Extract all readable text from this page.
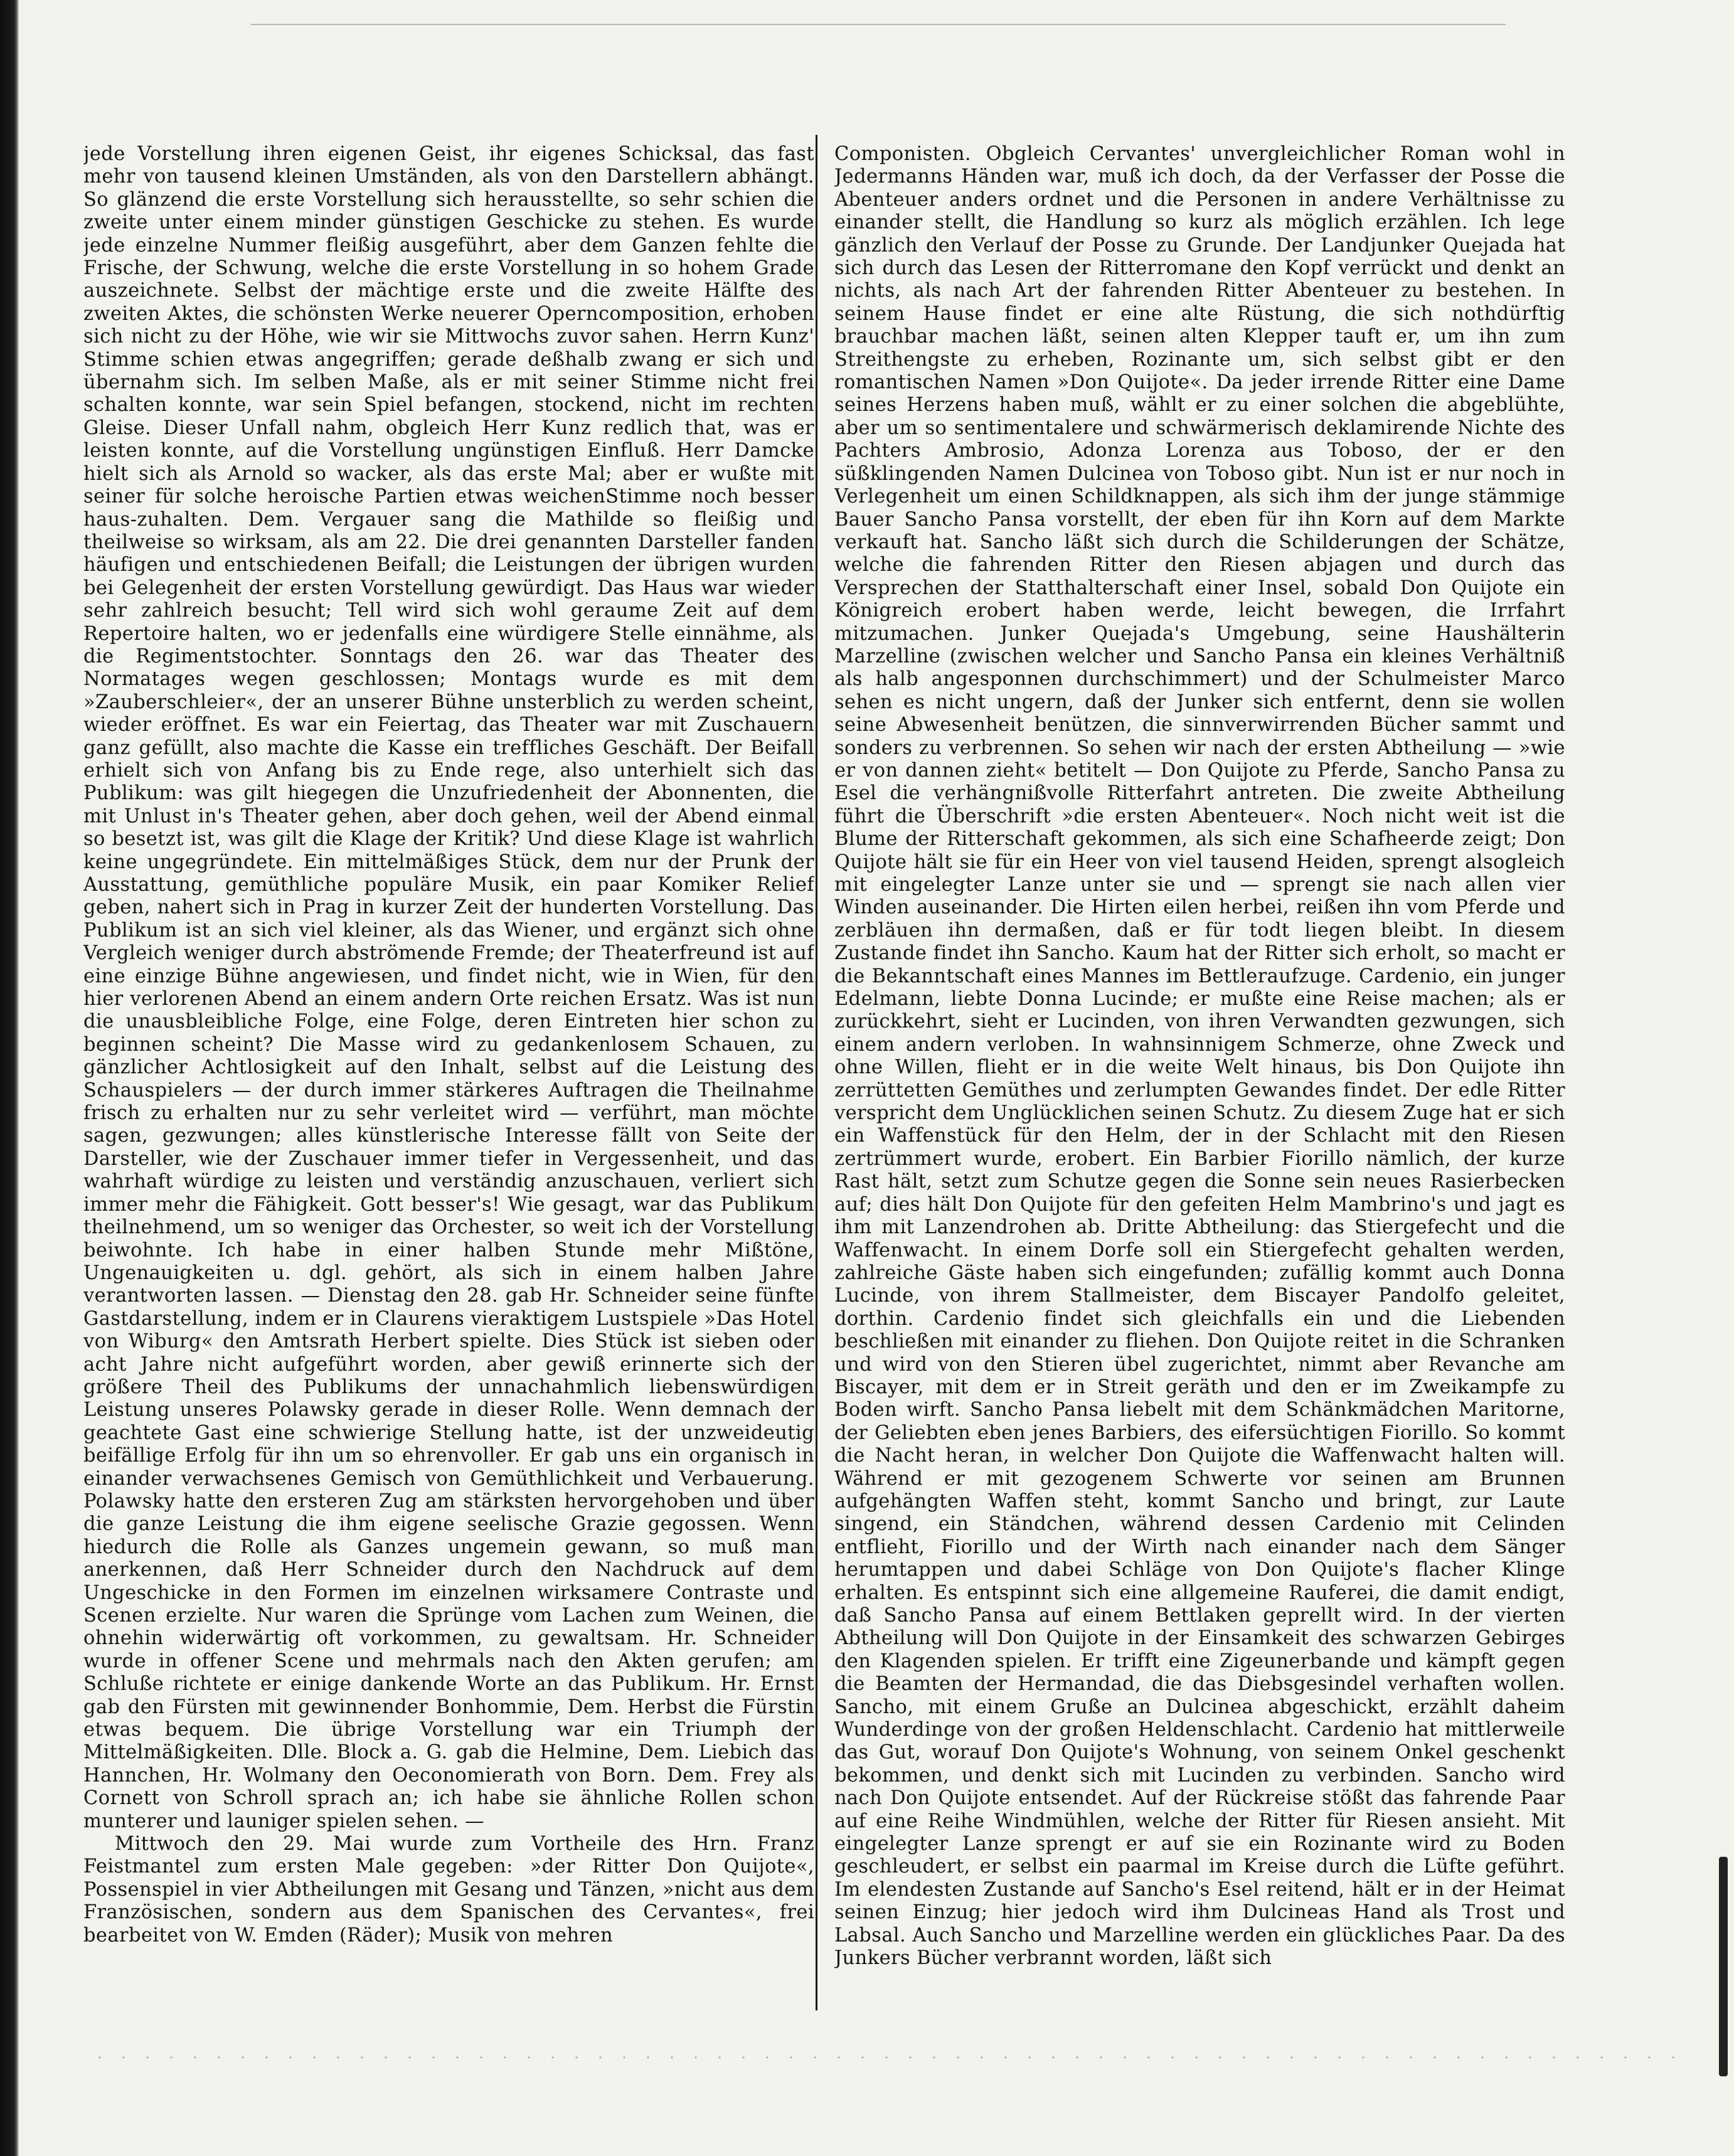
jede Vorstellung ihren eigenen Geist, ihr eigenes Schicksal, das fast mehr von tausend kleinen Umständen, als von den Darstellern abhängt. So glänzend die erste Vorstellung sich herausstellte, so sehr schien die zweite unter einem minder günstigen Geschicke zu stehen. Es wurde jede einzelne Nummer fleißig ausgeführt, aber dem Ganzen fehlte die Frische, der Schwung, welche die erste Vorstellung in so hohem Grade auszeichnete. Selbst der mächtige erste und die zweite Hälfte des zweiten Aktes, die schönsten Werke neuerer Operncomposition, erhoben sich nicht zu der Höhe, wie wir sie Mittwochs zuvor sahen. Herrn Kunz' Stimme schien etwas angegriffen; gerade deßhalb zwang er sich und übernahm sich. Im selben Maße, als er mit seiner Stimme nicht frei schalten konnte, war sein Spiel befangen, stockend, nicht im rechten Gleise. Dieser Unfall nahm, obgleich Herr Kunz redlich that, was er leisten konnte, auf die Vorstellung ungünstigen Einfluß. Herr Damcke hielt sich als Arnold so wacker, als das erste Mal; aber er wußte mit seiner für solche heroische Partien etwas weichenStimme noch besser haus-zuhalten. Dem. Vergauer sang die Mathilde so fleißig und theilweise so wirksam, als am 22. Die drei genannten Darsteller fanden häufigen und entschiedenen Beifall; die Leistungen der übrigen wurden bei Gelegenheit der ersten Vorstellung gewürdigt. Das Haus war wieder sehr zahlreich besucht; Tell wird sich wohl geraume Zeit auf dem Repertoire halten, wo er jedenfalls eine würdigere Stelle einnähme, als die Regimentstochter. Sonntags den 26. war das Theater des Normatages wegen geschlossen; Montags wurde es mit dem »Zauberschleier«, der an unserer Bühne unsterblich zu werden scheint, wieder eröffnet. Es war ein Feiertag, das Theater war mit Zuschauern ganz gefüllt, also machte die Kasse ein treffliches Geschäft. Der Beifall erhielt sich von Anfang bis zu Ende rege, also unterhielt sich das Publikum: was gilt hiegegen die Unzufriedenheit der Abonnenten, die mit Unlust in's Theater gehen, aber doch gehen, weil der Abend einmal so besetzt ist, was gilt die Klage der Kritik? Und diese Klage ist wahrlich keine ungegründete. Ein mittelmäßiges Stück, dem nur der Prunk der Ausstattung, gemüthliche populäre Musik, ein paar Komiker Relief geben, nahert sich in Prag in kurzer Zeit der hunderten Vorstellung. Das Publikum ist an sich viel kleiner, als das Wiener, und ergänzt sich ohne Vergleich weniger durch abströmende Fremde; der Theaterfreund ist auf eine einzige Bühne angewiesen, und findet nicht, wie in Wien, für den hier verlorenen Abend an einem andern Orte reichen Ersatz. Was ist nun die unausbleibliche Folge, eine Folge, deren Eintreten hier schon zu beginnen scheint? Die Masse wird zu gedankenlosem Schauen, zu gänzlicher Achtlosigkeit auf den Inhalt, selbst auf die Leistung des Schauspielers — der durch immer stärkeres Auftragen die Theilnahme frisch zu erhalten nur zu sehr verleitet wird — verführt, man möchte sagen, gezwungen; alles künstlerische Interesse fällt von Seite der Darsteller, wie der Zuschauer immer tiefer in Vergessenheit, und das wahrhaft würdige zu leisten und verständig anzuschauen, verliert sich immer mehr die Fähigkeit. Gott besser's! Wie gesagt, war das Publikum theilnehmend, um so weniger das Orchester, so weit ich der Vorstellung beiwohnte. Ich habe in einer halben Stunde mehr Mißtöne, Ungenauigkeiten u. dgl. gehört, als sich in einem halben Jahre verantworten lassen. — Dienstag den 28. gab Hr. Schneider seine fünfte Gastdarstellung, indem er in Claurens vieraktigem Lustspiele »Das Hotel von Wiburg« den Amtsrath Herbert spielte. Dies Stück ist sieben oder acht Jahre nicht aufgeführt worden, aber gewiß erinnerte sich der größere Theil des Publikums der unnachahmlich liebenswürdigen Leistung unseres Polawsky gerade in dieser Rolle. Wenn demnach der geachtete Gast eine schwierige Stellung hatte, ist der unzweideutig beifällige Erfolg für ihn um so ehrenvoller. Er gab uns ein organisch in einander verwachsenes Gemisch von Gemüthlichkeit und Verbauerung. Polawsky hatte den ersteren Zug am stärksten hervorgehoben und über die ganze Leistung die ihm eigene seelische Grazie gegossen. Wenn hiedurch die Rolle als Ganzes ungemein gewann, so muß man anerkennen, daß Herr Schneider durch den Nachdruck auf dem Ungeschicke in den Formen im einzelnen wirksamere Contraste und Scenen erzielte. Nur waren die Sprünge vom Lachen zum Weinen, die ohnehin widerwärtig oft vorkommen, zu gewaltsam. Hr. Schneider wurde in offener Scene und mehrmals nach den Akten gerufen; am Schluße richtete er einige dankende Worte an das Publikum. Hr. Ernst gab den Fürsten mit gewinnender Bonhommie, Dem. Herbst die Fürstin etwas bequem. Die übrige Vorstellung war ein Triumph der Mittelmäßigkeiten. Dlle. Block a. G. gab die Helmine, Dem. Liebich das Hannchen, Hr. Wolmany den Oeconomierath von Born. Dem. Frey als Cornett von Schroll sprach an; ich habe sie ähnliche Rollen schon munterer und launiger spielen sehen. —

Mittwoch den 29. Mai wurde zum Vortheile des Hrn. Franz Feistmantel zum ersten Male gegeben: »der Ritter Don Quijote«, Possenspiel in vier Abtheilungen mit Gesang und Tänzen, »nicht aus dem Französischen, sondern aus dem Spanischen des Cervantes«, frei bearbeitet von W. Emden (Räder); Musik von mehren

Componisten. Obgleich Cervantes' unvergleichlicher Roman wohl in Jedermanns Händen war, muß ich doch, da der Verfasser der Posse die Abenteuer anders ordnet und die Personen in andere Verhältnisse zu einander stellt, die Handlung so kurz als möglich erzählen. Ich lege gänzlich den Verlauf der Posse zu Grunde. Der Landjunker Quejada hat sich durch das Lesen der Ritterromane den Kopf verrückt und denkt an nichts, als nach Art der fahrenden Ritter Abenteuer zu bestehen. In seinem Hause findet er eine alte Rüstung, die sich nothdürftig brauchbar machen läßt, seinen alten Klepper tauft er, um ihn zum Streithengste zu erheben, Rozinante um, sich selbst gibt er den romantischen Namen »Don Quijote«. Da jeder irrende Ritter eine Dame seines Herzens haben muß, wählt er zu einer solchen die abgeblühte, aber um so sentimentalere und schwärmerisch deklamirende Nichte des Pachters Ambrosio, Adonza Lorenza aus Toboso, der er den süßklingenden Namen Dulcinea von Toboso gibt. Nun ist er nur noch in Verlegenheit um einen Schildknappen, als sich ihm der junge stämmige Bauer Sancho Pansa vorstellt, der eben für ihn Korn auf dem Markte verkauft hat. Sancho läßt sich durch die Schilderungen der Schätze, welche die fahrenden Ritter den Riesen abjagen und durch das Versprechen der Statthalterschaft einer Insel, sobald Don Quijote ein Königreich erobert haben werde, leicht bewegen, die Irrfahrt mitzumachen. Junker Quejada's Umgebung, seine Haushälterin Marzelline (zwischen welcher und Sancho Pansa ein kleines Verhältniß als halb angesponnen durchschimmert) und der Schulmeister Marco sehen es nicht ungern, daß der Junker sich entfernt, denn sie wollen seine Abwesenheit benützen, die sinnverwirrenden Bücher sammt und sonders zu verbrennen. So sehen wir nach der ersten Abtheilung — »wie er von dannen zieht« betitelt — Don Quijote zu Pferde, Sancho Pansa zu Esel die verhängnißvolle Ritterfahrt antreten. Die zweite Abtheilung führt die Überschrift »die ersten Abenteuer«. Noch nicht weit ist die Blume der Ritterschaft gekommen, als sich eine Schafheerde zeigt; Don Quijote hält sie für ein Heer von viel tausend Heiden, sprengt alsogleich mit eingelegter Lanze unter sie und — sprengt sie nach allen vier Winden auseinander. Die Hirten eilen herbei, reißen ihn vom Pferde und zerbläuen ihn dermaßen, daß er für todt liegen bleibt. In diesem Zustande findet ihn Sancho. Kaum hat der Ritter sich erholt, so macht er die Bekanntschaft eines Mannes im Bettleraufzuge. Cardenio, ein junger Edelmann, liebte Donna Lucinde; er mußte eine Reise machen; als er zurückkehrt, sieht er Lucinden, von ihren Verwandten gezwungen, sich einem andern verloben. In wahnsinnigem Schmerze, ohne Zweck und ohne Willen, flieht er in die weite Welt hinaus, bis Don Quijote ihn zerrüttetten Gemüthes und zerlumpten Gewandes findet. Der edle Ritter verspricht dem Unglücklichen seinen Schutz. Zu diesem Zuge hat er sich ein Waffenstück für den Helm, der in der Schlacht mit den Riesen zertrümmert wurde, erobert. Ein Barbier Fiorillo nämlich, der kurze Rast hält, setzt zum Schutze gegen die Sonne sein neues Rasierbecken auf; dies hält Don Quijote für den gefeiten Helm Mambrino's und jagt es ihm mit Lanzendrohen ab. Dritte Abtheilung: das Stiergefecht und die Waffenwacht. In einem Dorfe soll ein Stiergefecht gehalten werden, zahlreiche Gäste haben sich eingefunden; zufällig kommt auch Donna Lucinde, von ihrem Stallmeister, dem Biscayer Pandolfo geleitet, dorthin. Cardenio findet sich gleichfalls ein und die Liebenden beschließen mit einander zu fliehen. Don Quijote reitet in die Schranken und wird von den Stieren übel zugerichtet, nimmt aber Revanche am Biscayer, mit dem er in Streit geräth und den er im Zweikampfe zu Boden wirft. Sancho Pansa liebelt mit dem Schänkmädchen Maritorne, der Geliebten eben jenes Barbiers, des eifersüchtigen Fiorillo. So kommt die Nacht heran, in welcher Don Quijote die Waffenwacht halten will. Während er mit gezogenem Schwerte vor seinen am Brunnen aufgehängten Waffen steht, kommt Sancho und bringt, zur Laute singend, ein Ständchen, während dessen Cardenio mit Celinden entflieht, Fiorillo und der Wirth nach einander nach dem Sänger herumtappen und dabei Schläge von Don Quijote's flacher Klinge erhalten. Es entspinnt sich eine allgemeine Rauferei, die damit endigt, daß Sancho Pansa auf einem Bettlaken geprellt wird. In der vierten Abtheilung will Don Quijote in der Einsamkeit des schwarzen Gebirges den Klagenden spielen. Er trifft eine Zigeunerbande und kämpft gegen die Beamten der Hermandad, die das Diebsgesindel verhaften wollen. Sancho, mit einem Gruße an Dulcinea abgeschickt, erzählt daheim Wunderdinge von der großen Heldenschlacht. Cardenio hat mittlerweile das Gut, worauf Don Quijote's Wohnung, von seinem Onkel geschenkt bekommen, und denkt sich mit Lucinden zu verbinden. Sancho wird nach Don Quijote entsendet. Auf der Rückreise stößt das fahrende Paar auf eine Reihe Windmühlen, welche der Ritter für Riesen ansieht. Mit eingelegter Lanze sprengt er auf sie ein Rozinante wird zu Boden geschleudert, er selbst ein paarmal im Kreise durch die Lüfte geführt. Im elendesten Zustande auf Sancho's Esel reitend, hält er in der Heimat seinen Einzug; hier jedoch wird ihm Dulcineas Hand als Trost und Labsal. Auch Sancho und Marzelline werden ein glückliches Paar. Da des Junkers Bücher verbrannt worden, läßt sich
